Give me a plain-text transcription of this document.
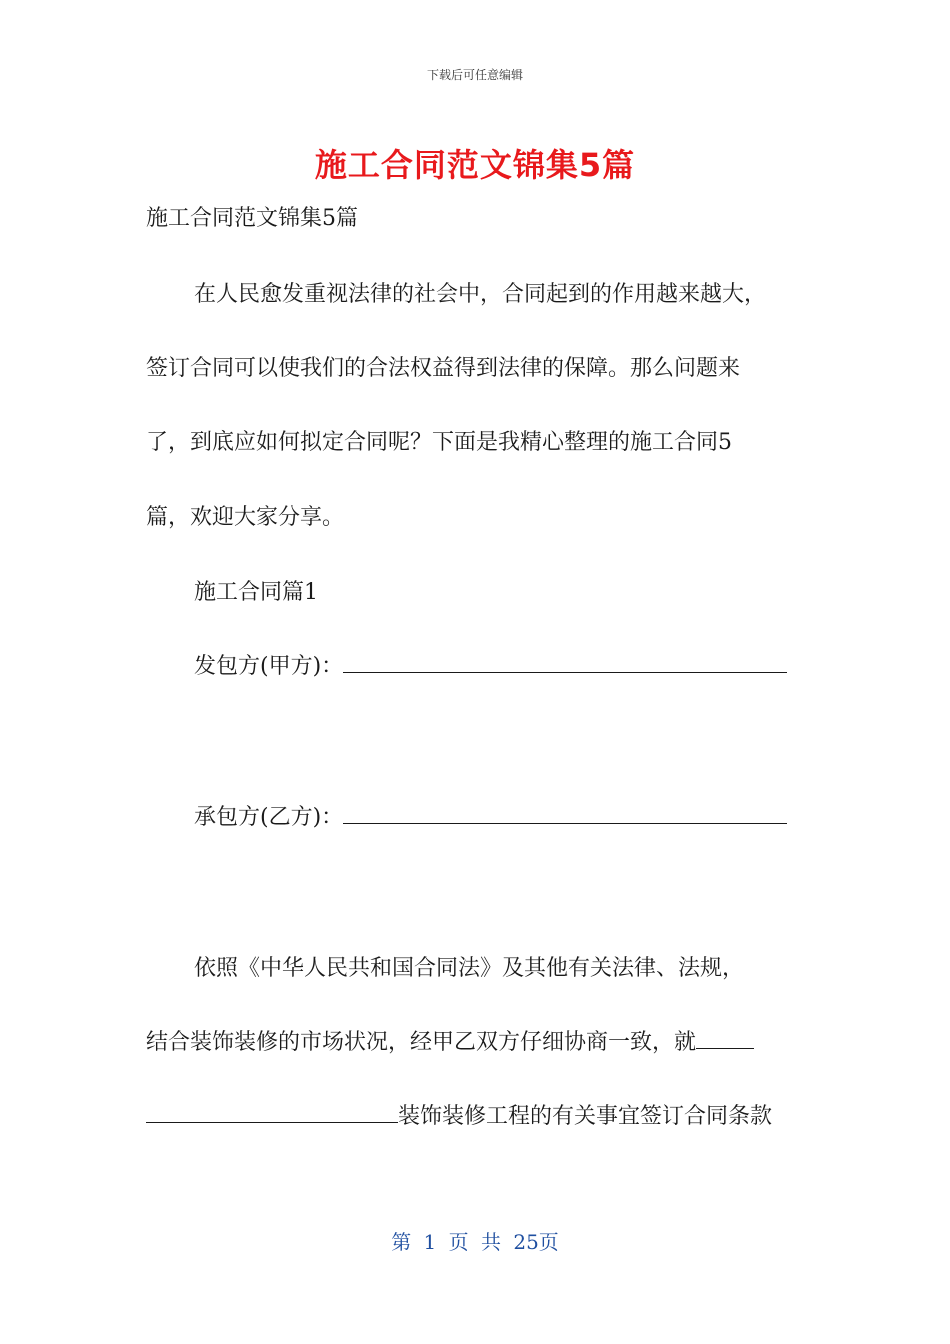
下载后可任意编辑
施工合同范文锦集5篇
施工合同范文锦集5篇
在人民愈发重视法律的社会中，合同起到的作用越来越大，
签订合同可以使我们的合法权益得到法律的保障。那么问题来
了，到底应如何拟定合同呢？下面是我精心整理的施工合同5
篇，欢迎大家分享。
施工合同篇1
发包方(甲方)：
承包方(乙方)：
依照《中华人民共和国合同法》及其他有关法律、法规，
结合装饰装修的市场状况，经甲乙双方仔细协商一致，就
装饰装修工程的有关事宜签订合同条款
第 1 页 共 25页
